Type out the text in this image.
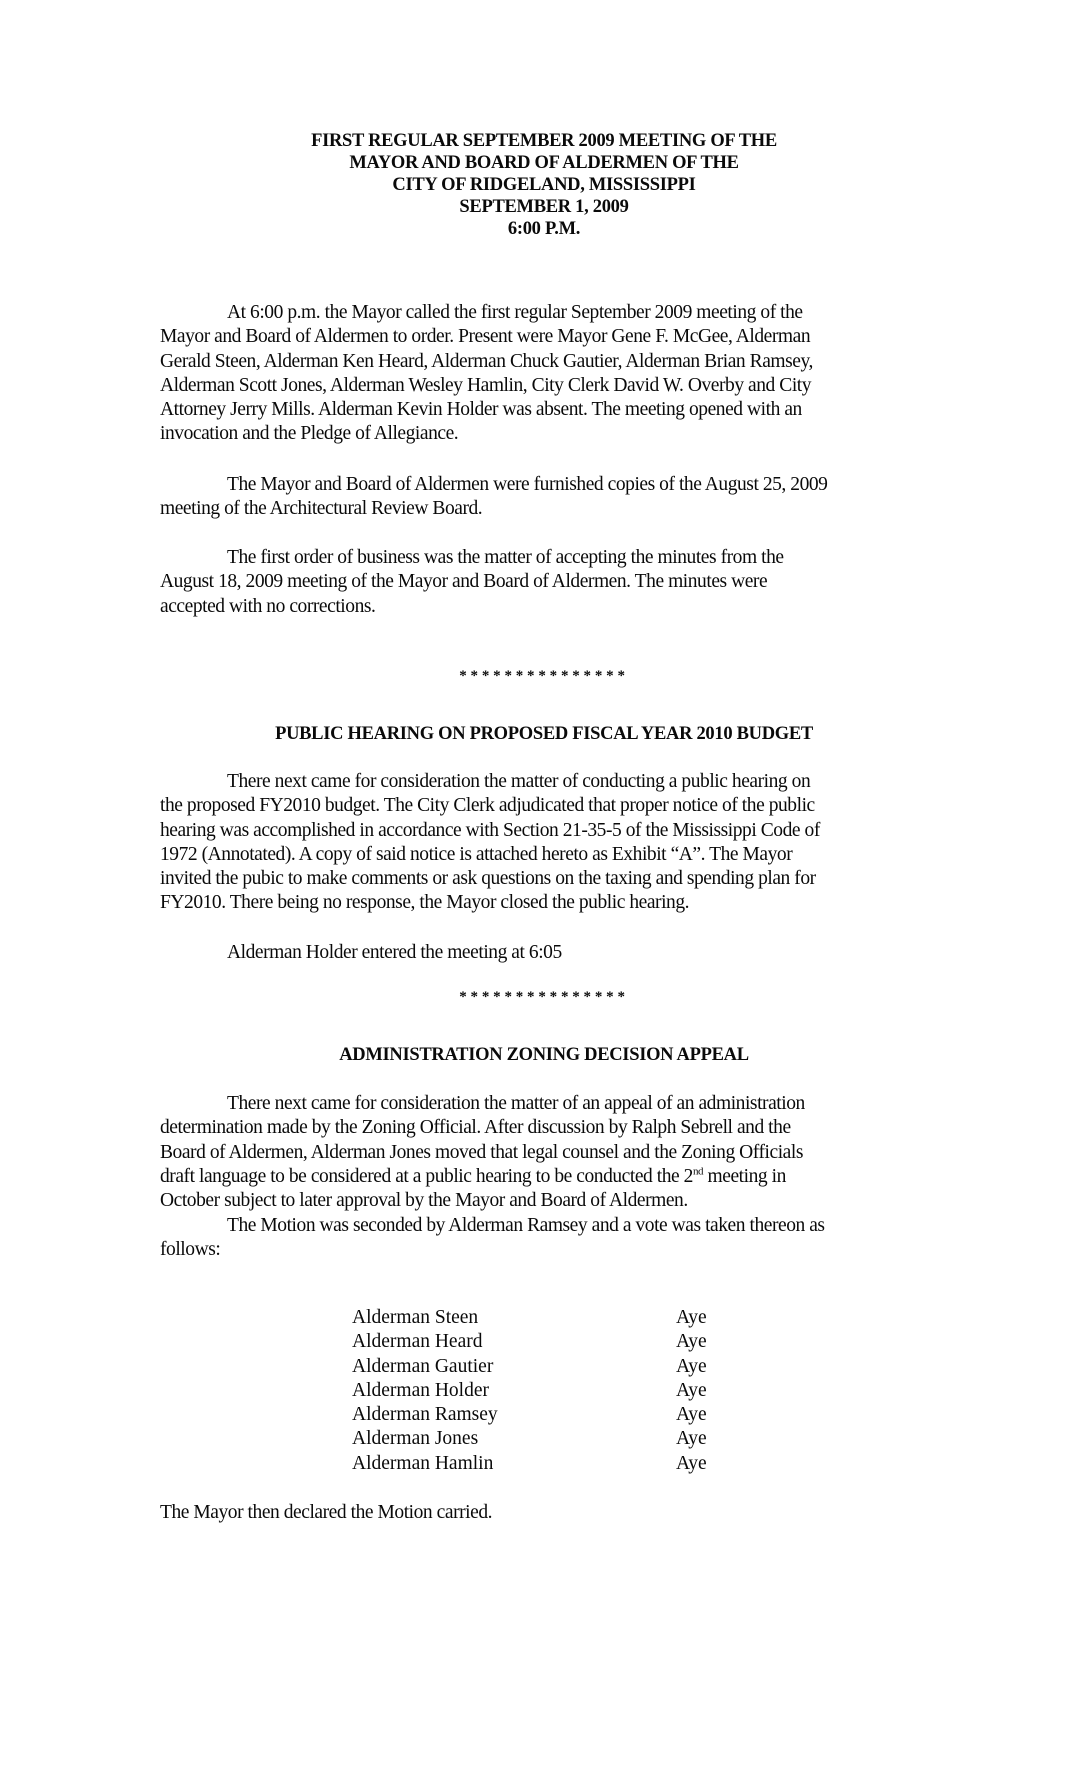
FIRST REGULAR SEPTEMBER 2009 MEETING OF THE
MAYOR AND BOARD OF ALDERMEN OF THE
CITY OF RIDGELAND, MISSISSIPPI
SEPTEMBER 1, 2009
6:00 P.M.
At 6:00 p.m. the Mayor called the first regular September 2009 meeting of the
Mayor and Board of Aldermen to order. Present were Mayor Gene F. McGee, Alderman
Gerald Steen, Alderman Ken Heard, Alderman Chuck Gautier, Alderman Brian Ramsey,
Alderman Scott Jones, Alderman Wesley Hamlin, City Clerk David W. Overby and City
Attorney Jerry Mills. Alderman Kevin Holder was absent. The meeting opened with an
invocation and the Pledge of Allegiance.
The Mayor and Board of Aldermen were furnished copies of the August 25, 2009
meeting of the Architectural Review Board.
The first order of business was the matter of accepting the minutes from the
August 18, 2009 meeting of the Mayor and Board of Aldermen. The minutes were
accepted with no corrections.
***************
PUBLIC HEARING ON PROPOSED FISCAL YEAR 2010 BUDGET
There next came for consideration the matter of conducting a public hearing on
the proposed FY2010 budget. The City Clerk adjudicated that proper notice of the public
hearing was accomplished in accordance with Section 21-35-5 of the Mississippi Code of
1972 (Annotated). A copy of said notice is attached hereto as Exhibit “A”. The Mayor
invited the pubic to make comments or ask questions on the taxing and spending plan for
FY2010. There being no response, the Mayor closed the public hearing.
Alderman Holder entered the meeting at 6:05
***************
ADMINISTRATION ZONING DECISION APPEAL
There next came for consideration the matter of an appeal of an administration
determination made by the Zoning Official. After discussion by Ralph Sebrell and the
Board of Aldermen, Alderman Jones moved that legal counsel and the Zoning Officials
draft language to be considered at a public hearing to be conducted the 2nd meeting in
October subject to later approval by the Mayor and Board of Aldermen.
The Motion was seconded by Alderman Ramsey and a vote was taken thereon as
follows:
Alderman Steen	Aye
Alderman Heard	Aye
Alderman Gautier	Aye
Alderman Holder	Aye
Alderman Ramsey	Aye
Alderman Jones	Aye
Alderman Hamlin	Aye
The Mayor then declared the Motion carried.
